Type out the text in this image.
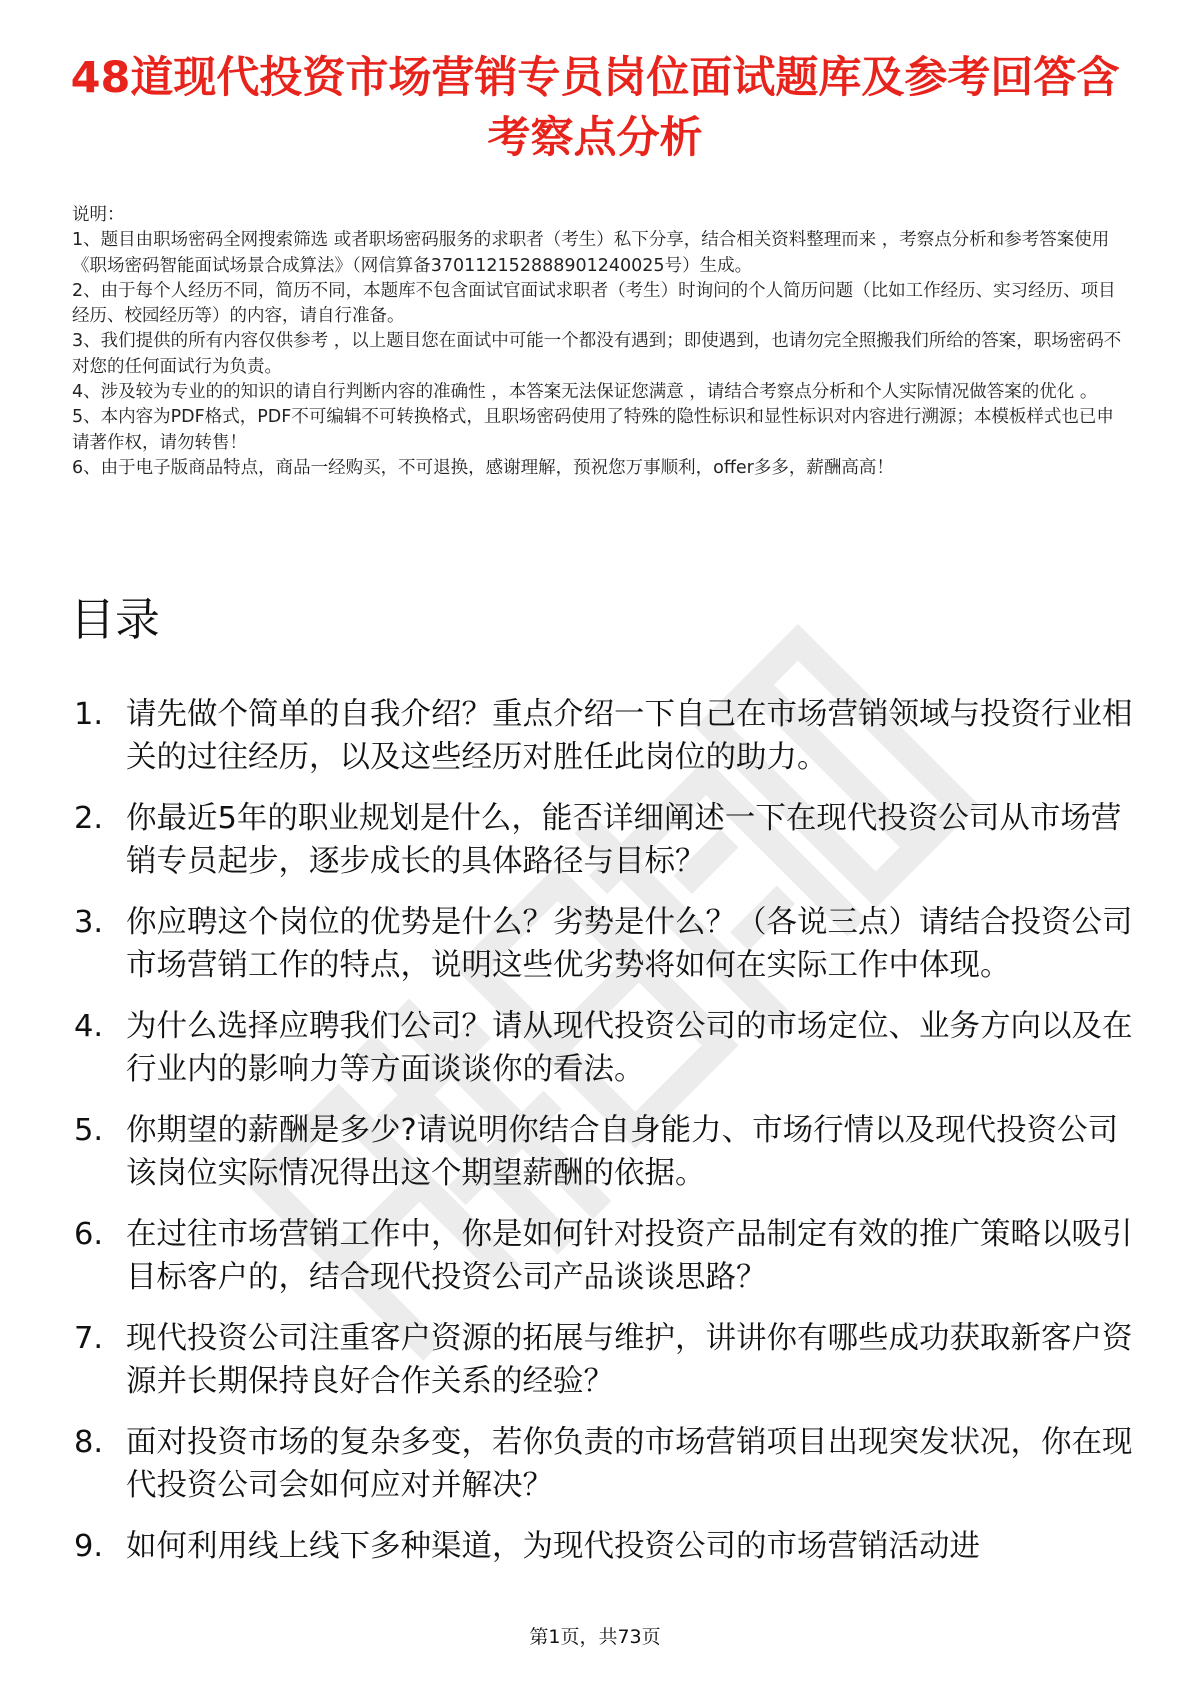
48道现代投资市场营销专员岗位面试题库及参考回答含考察点分析

说明：

1、题目由职场密码全网搜索筛选 或者职场密码服务的求职者（考生）私下分享，结合相关资料整理而来 ，考察点分析和参考答案使用《职场密码智能面试场景合成算法》（网信算备370112152888901240025号）生成。

2、由于每个人经历不同，简历不同，本题库不包含面试官面试求职者（考生）时询问的个人简历问题（比如工作经历、实习经历、项目经历、校园经历等）的内容，请自行准备。

3、我们提供的所有内容仅供参考 ，以上题目您在面试中可能一个都没有遇到；即使遇到，也请勿完全照搬我们所给的答案，职场密码不对您的任何面试行为负责。

4、涉及较为专业的的知识的请自行判断内容的准确性 ，本答案无法保证您满意 ，请结合考察点分析和个人实际情况做答案的优化 。

5、本内容为PDF格式，PDF不可编辑不可转换格式，且职场密码使用了特殊的隐性标识和显性标识对内容进行溯源；本模板样式也已申请著作权，请勿转售！

6、由于电子版商品特点，商品一经购买，不可退换，感谢理解，预祝您万事顺利，offer多多，薪酬高高！

目录
1. 请先做个简单的自我介绍？重点介绍一下自己在市场营销领域与投资行业相关的过往经历，以及这些经历对胜任此岗位的助力。
2. 你最近5年的职业规划是什么，能否详细阐述一下在现代投资公司从市场营销专员起步，逐步成长的具体路径与目标？
3. 你应聘这个岗位的优势是什么？劣势是什么？（各说三点）请结合投资公司市场营销工作的特点，说明这些优劣势将如何在实际工作中体现。
4. 为什么选择应聘我们公司？请从现代投资公司的市场定位、业务方向以及在行业内的影响力等方面谈谈你的看法。
5. 你期望的薪酬是多少?请说明你结合自身能力、市场行情以及现代投资公司该岗位实际情况得出这个期望薪酬的依据。
6. 在过往市场营销工作中，你是如何针对投资产品制定有效的推广策略以吸引目标客户的，结合现代投资公司产品谈谈思路？
7. 现代投资公司注重客户资源的拓展与维护，讲讲你有哪些成功获取新客户资源并长期保持良好合作关系的经验？
8. 面对投资市场的复杂多变，若你负责的市场营销项目出现突发状况，你在现代投资公司会如何应对并解决？
9. 如何利用线上线下多种渠道，为现代投资公司的市场营销活动进
第1页，共73页
